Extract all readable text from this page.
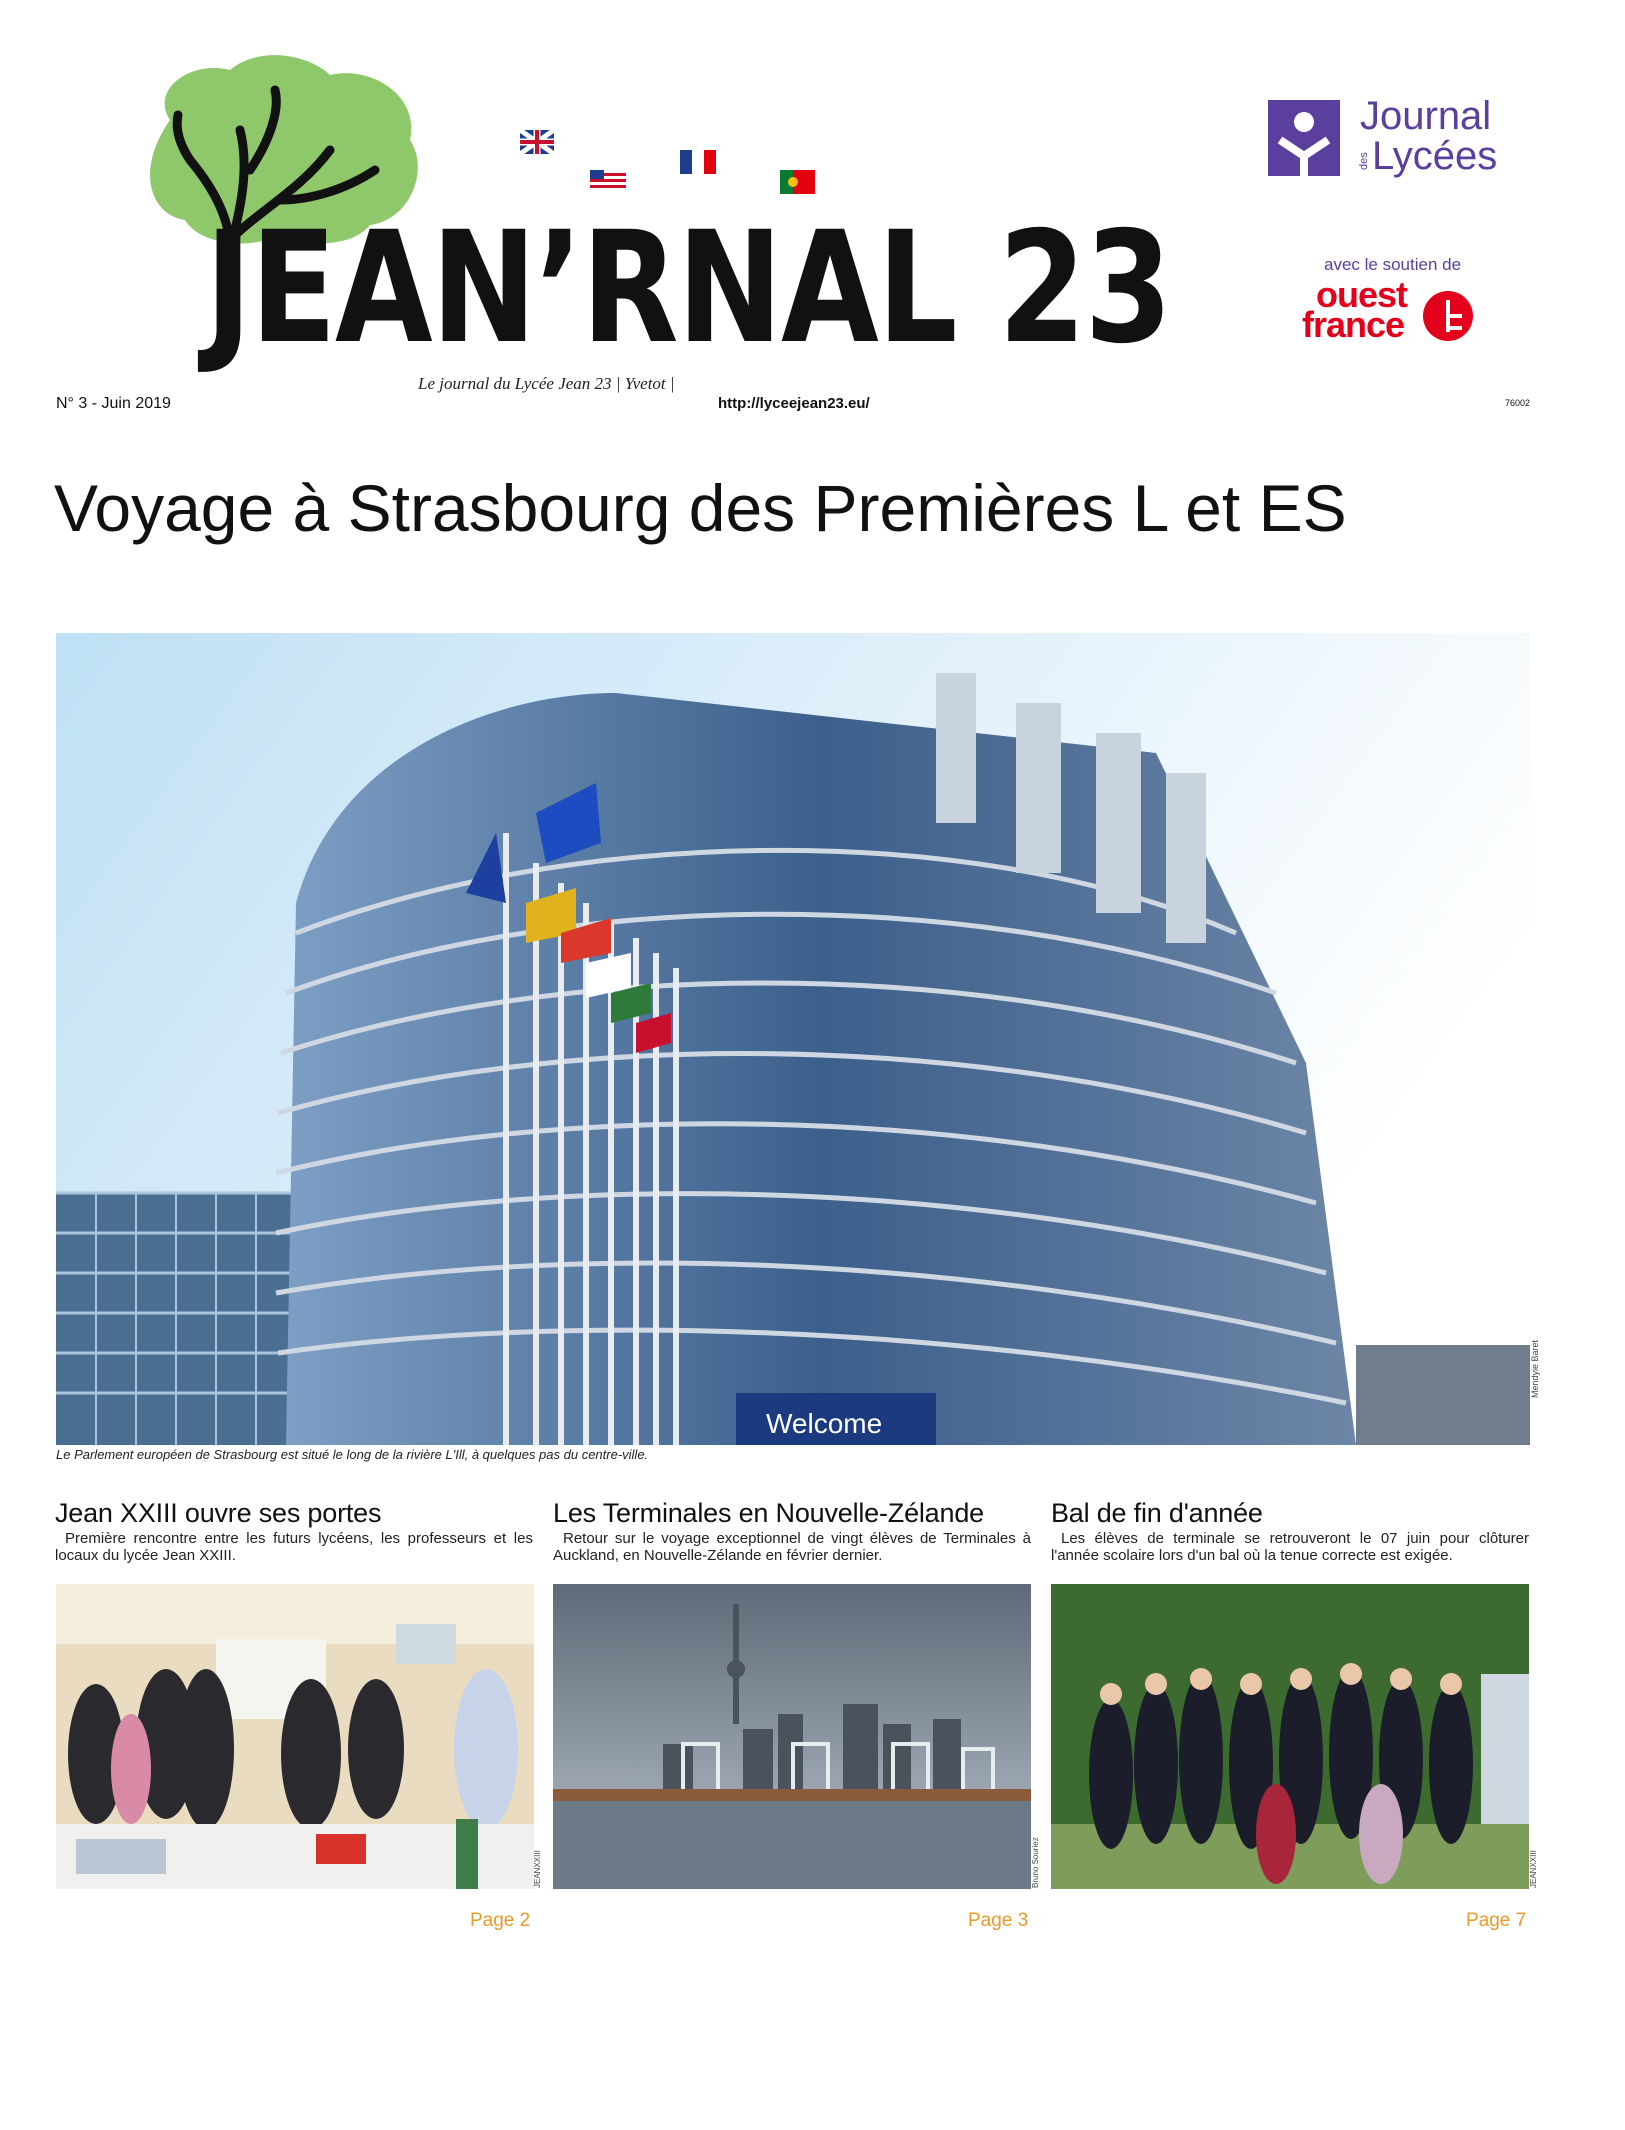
JEAN’RNAL 23
Le journal du Lycée Jean 23 | Yvetot |
Journal
des Lycées
avec le soutien de
ouest
france
N° 3 - Juin 2019	http://lyceejean23.eu/	76002
Voyage à Strasbourg des Premières L et ES
Welcome
Le Parlement européen de Strasbourg est situé le long de la rivière L'Ill, à quelques pas du centre-ville.
Mendyie Baret
Jean XXIII ouvre ses portes

Première rencontre entre les futurs lycéens, les professeurs et les locaux du lycée Jean XXIII.

Les Terminales en Nouvelle-Zélande

Retour sur le voyage exceptionnel de vingt élèves de Terminales à Auckland, en Nouvelle-Zélande en février dernier.

Bal de fin d'année

Les élèves de terminale se retrouveront le 07 juin pour clôturer l'année scolaire lors d'un bal où la tenue correcte est exigée.

JEANXXIII	Bruno Souriez	JEANXXIII
Page 2	Page 3	Page 7
